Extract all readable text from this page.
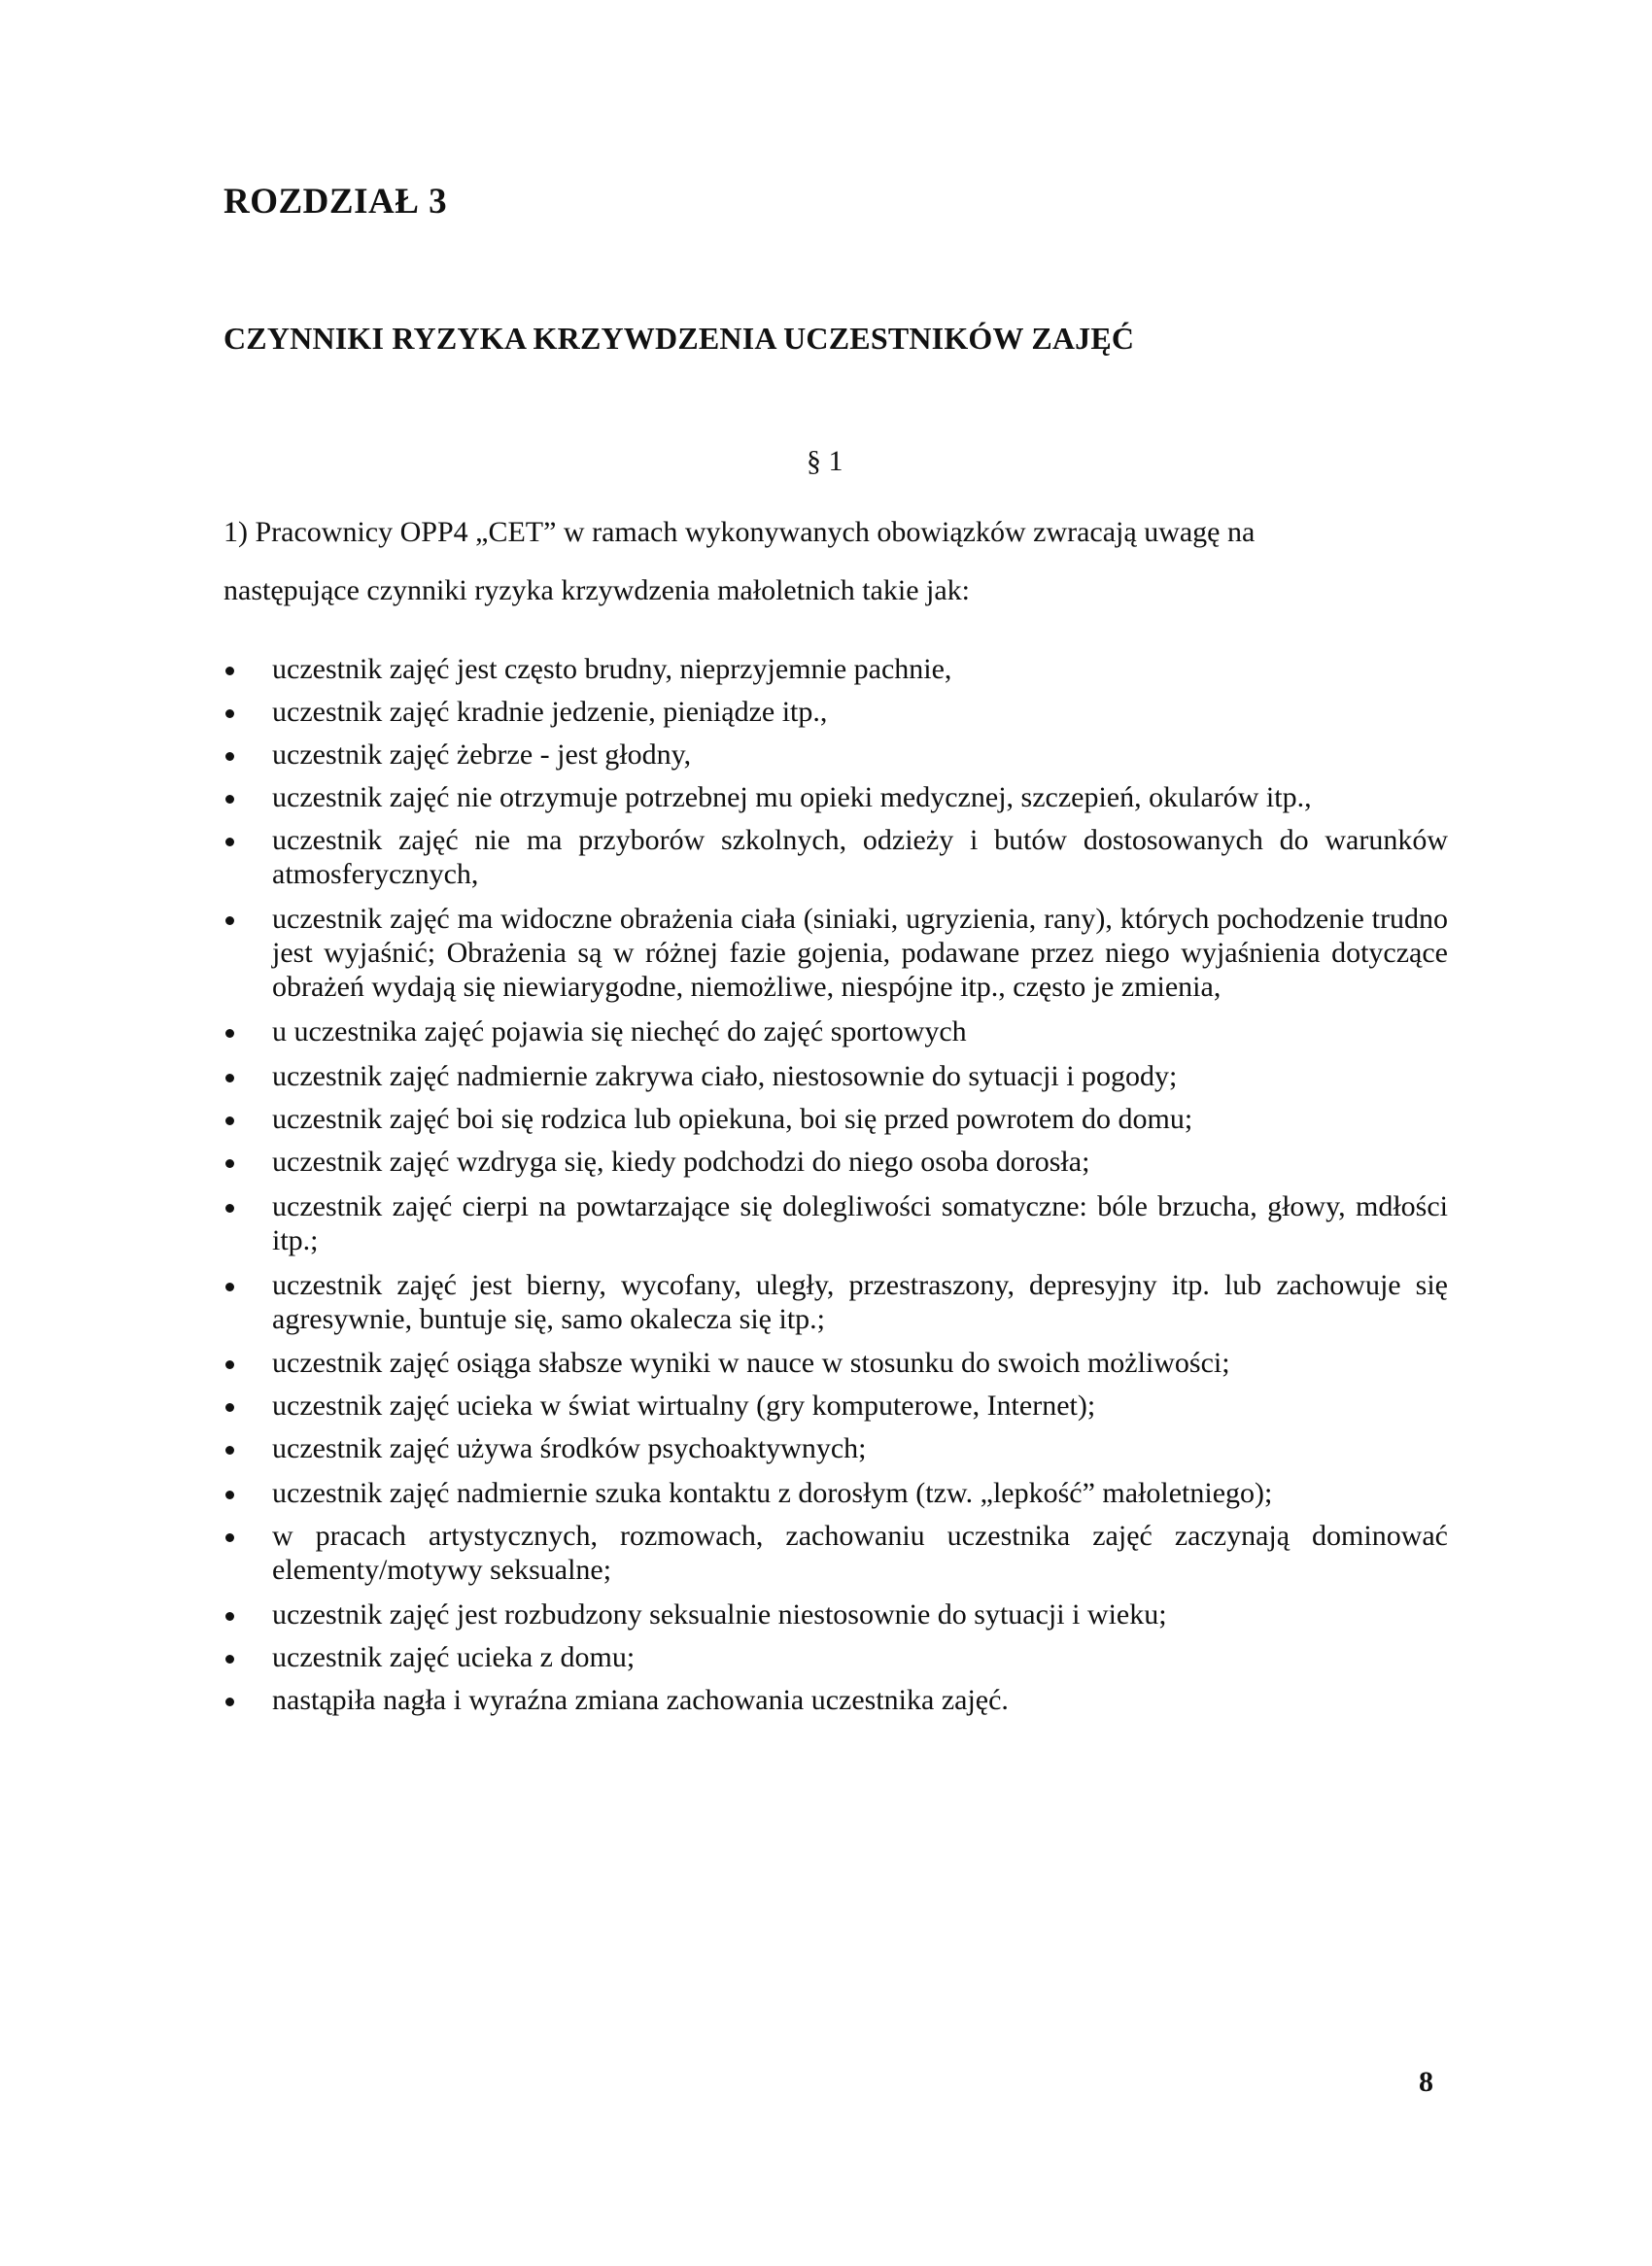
ROZDZIAŁ 3
CZYNNIKI RYZYKA KRZYWDZENIA UCZESTNIKÓW ZAJĘĆ

§ 1

1) Pracownicy OPP4 „CET” w ramach wykonywanych obowiązków zwracają uwagę na
następujące czynniki ryzyka krzywdzenia małoletnich takie jak:

uczestnik zajęć jest często brudny, nieprzyjemnie pachnie,
uczestnik zajęć kradnie jedzenie, pieniądze itp.,
uczestnik zajęć żebrze - jest głodny,
uczestnik zajęć nie otrzymuje potrzebnej mu opieki medycznej, szczepień, okularów itp.,
uczestnik zajęć nie ma przyborów szkolnych, odzieży i butów dostosowanych do warunków atmosferycznych,
uczestnik zajęć ma widoczne obrażenia ciała (siniaki, ugryzienia, rany), których pochodzenie trudno jest wyjaśnić; Obrażenia są w różnej fazie gojenia, podawane przez niego wyjaśnienia dotyczące obrażeń wydają się niewiarygodne, niemożliwe, niespójne itp., często je zmienia,
u uczestnika zajęć pojawia się niechęć do zajęć sportowych
uczestnik zajęć nadmiernie zakrywa ciało, niestosownie do sytuacji i pogody;
uczestnik zajęć boi się rodzica lub opiekuna, boi się przed powrotem do domu;
uczestnik zajęć wzdryga się, kiedy podchodzi do niego osoba dorosła;
uczestnik zajęć cierpi na powtarzające się dolegliwości somatyczne: bóle brzucha, głowy, mdłości itp.;
uczestnik zajęć jest bierny, wycofany, uległy, przestraszony, depresyjny itp. lub zachowuje się agresywnie, buntuje się, samo okalecza się itp.;
uczestnik zajęć osiąga słabsze wyniki w nauce w stosunku do swoich możliwości;
uczestnik zajęć ucieka w świat wirtualny (gry komputerowe, Internet);
uczestnik zajęć używa środków psychoaktywnych;
uczestnik zajęć nadmiernie szuka kontaktu z dorosłym (tzw. „lepkość” małoletniego);
w pracach artystycznych, rozmowach, zachowaniu uczestnika zajęć zaczynają dominować elementy/motywy seksualne;
uczestnik zajęć jest rozbudzony seksualnie niestosownie do sytuacji i wieku;
uczestnik zajęć ucieka z domu;
nastąpiła nagła i wyraźna zmiana zachowania uczestnika zajęć.

8
